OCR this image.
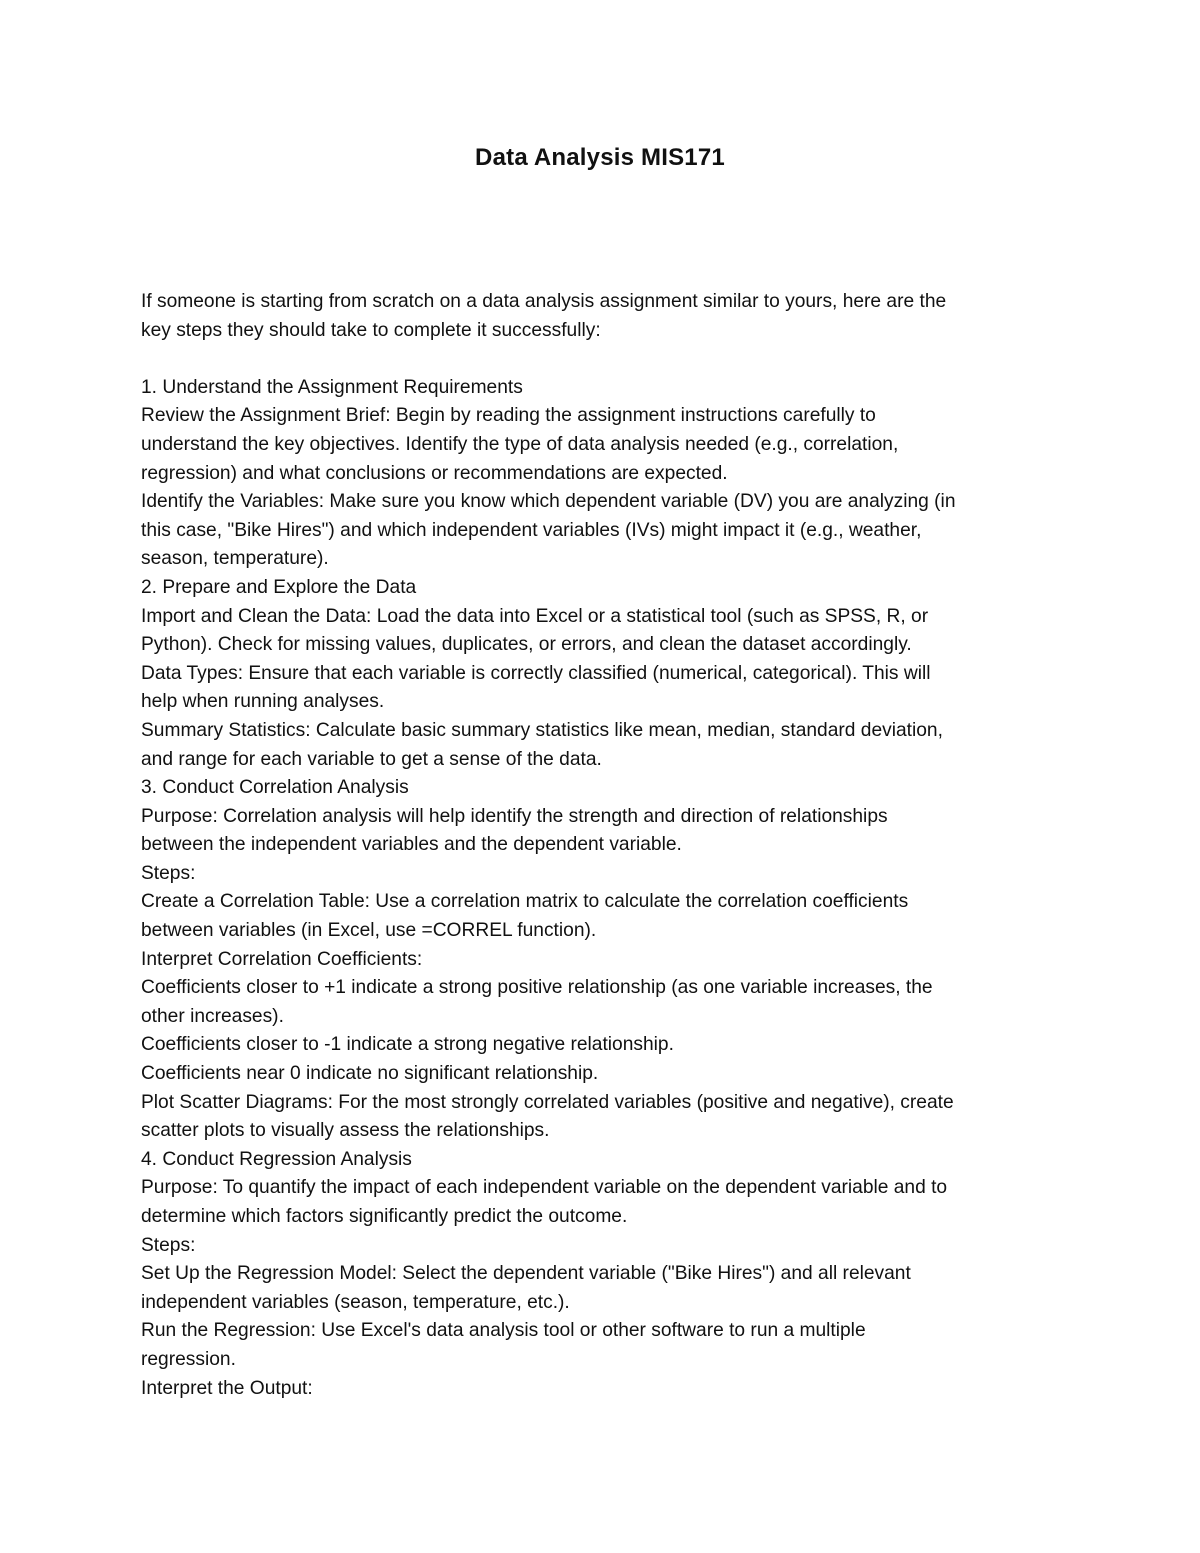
Data Analysis MIS171
If someone is starting from scratch on a data analysis assignment similar to yours, here are the
key steps they should take to complete it successfully:
1. Understand the Assignment Requirements
Review the Assignment Brief: Begin by reading the assignment instructions carefully to
understand the key objectives. Identify the type of data analysis needed (e.g., correlation,
regression) and what conclusions or recommendations are expected.
Identify the Variables: Make sure you know which dependent variable (DV) you are analyzing (in
this case, "Bike Hires") and which independent variables (IVs) might impact it (e.g., weather,
season, temperature).
2. Prepare and Explore the Data
Import and Clean the Data: Load the data into Excel or a statistical tool (such as SPSS, R, or
Python). Check for missing values, duplicates, or errors, and clean the dataset accordingly.
Data Types: Ensure that each variable is correctly classified (numerical, categorical). This will
help when running analyses.
Summary Statistics: Calculate basic summary statistics like mean, median, standard deviation,
and range for each variable to get a sense of the data.
3. Conduct Correlation Analysis
Purpose: Correlation analysis will help identify the strength and direction of relationships
between the independent variables and the dependent variable.
Steps:
Create a Correlation Table: Use a correlation matrix to calculate the correlation coefficients
between variables (in Excel, use =CORREL function).
Interpret Correlation Coefficients:
Coefficients closer to +1 indicate a strong positive relationship (as one variable increases, the
other increases).
Coefficients closer to -1 indicate a strong negative relationship.
Coefficients near 0 indicate no significant relationship.
Plot Scatter Diagrams: For the most strongly correlated variables (positive and negative), create
scatter plots to visually assess the relationships.
4. Conduct Regression Analysis
Purpose: To quantify the impact of each independent variable on the dependent variable and to
determine which factors significantly predict the outcome.
Steps:
Set Up the Regression Model: Select the dependent variable ("Bike Hires") and all relevant
independent variables (season, temperature, etc.).
Run the Regression: Use Excel's data analysis tool or other software to run a multiple
regression.
Interpret the Output:
